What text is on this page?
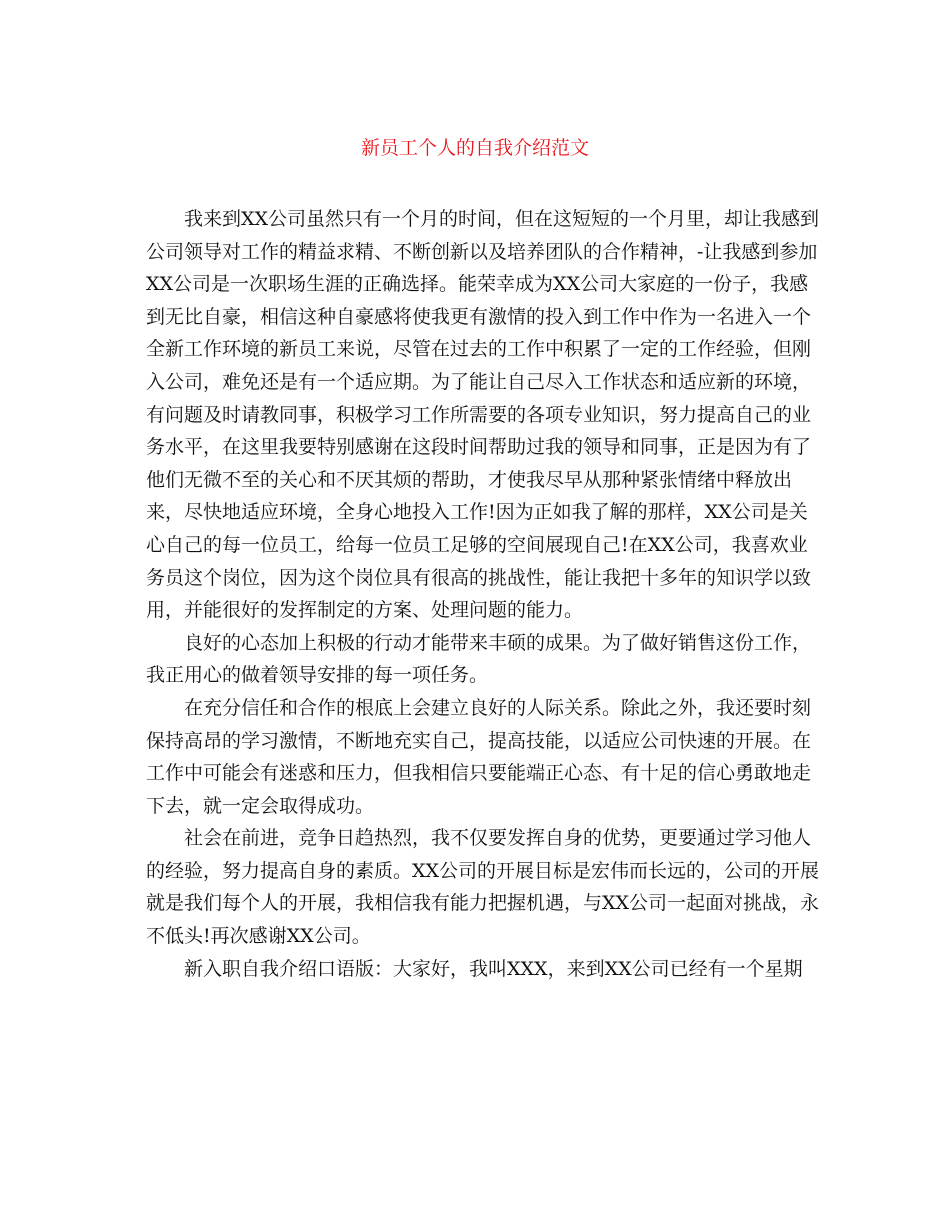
新员工个人的自我介绍范文

我来到XX公司虽然只有一个月的时间，但在这短短的一个月里，却让我感到
公司领导对工作的精益求精、不断创新以及培养团队的合作精神，-让我感到参加
XX公司是一次职场生涯的正确选择。能荣幸成为XX公司大家庭的一份子，我感
到无比自豪，相信这种自豪感将使我更有激情的投入到工作中作为一名进入一个
全新工作环境的新员工来说，尽管在过去的工作中积累了一定的工作经验，但刚
入公司，难免还是有一个适应期。为了能让自己尽入工作状态和适应新的环境，
有问题及时请教同事，积极学习工作所需要的各项专业知识，努力提高自己的业
务水平，在这里我要特别感谢在这段时间帮助过我的领导和同事，正是因为有了
他们无微不至的关心和不厌其烦的帮助，才使我尽早从那种紧张情绪中释放出
来，尽快地适应环境，全身心地投入工作!因为正如我了解的那样，XX公司是关
心自己的每一位员工，给每一位员工足够的空间展现自己!在XX公司，我喜欢业
务员这个岗位，因为这个岗位具有很高的挑战性，能让我把十多年的知识学以致
用，并能很好的发挥制定的方案、处理问题的能力。

良好的心态加上积极的行动才能带来丰硕的成果。为了做好销售这份工作，
我正用心的做着领导安排的每一项任务。

在充分信任和合作的根底上会建立良好的人际关系。除此之外，我还要时刻
保持高昂的学习激情，不断地充实自己，提高技能，以适应公司快速的开展。在
工作中可能会有迷惑和压力，但我相信只要能端正心态、有十足的信心勇敢地走
下去，就一定会取得成功。

社会在前进，竞争日趋热烈，我不仅要发挥自身的优势，更要通过学习他人
的经验，努力提高自身的素质。XX公司的开展目标是宏伟而长远的，公司的开展
就是我们每个人的开展，我相信我有能力把握机遇，与XX公司一起面对挑战，永
不低头!再次感谢XX公司。

新入职自我介绍口语版：大家好，我叫XXX，来到XX公司已经有一个星期
